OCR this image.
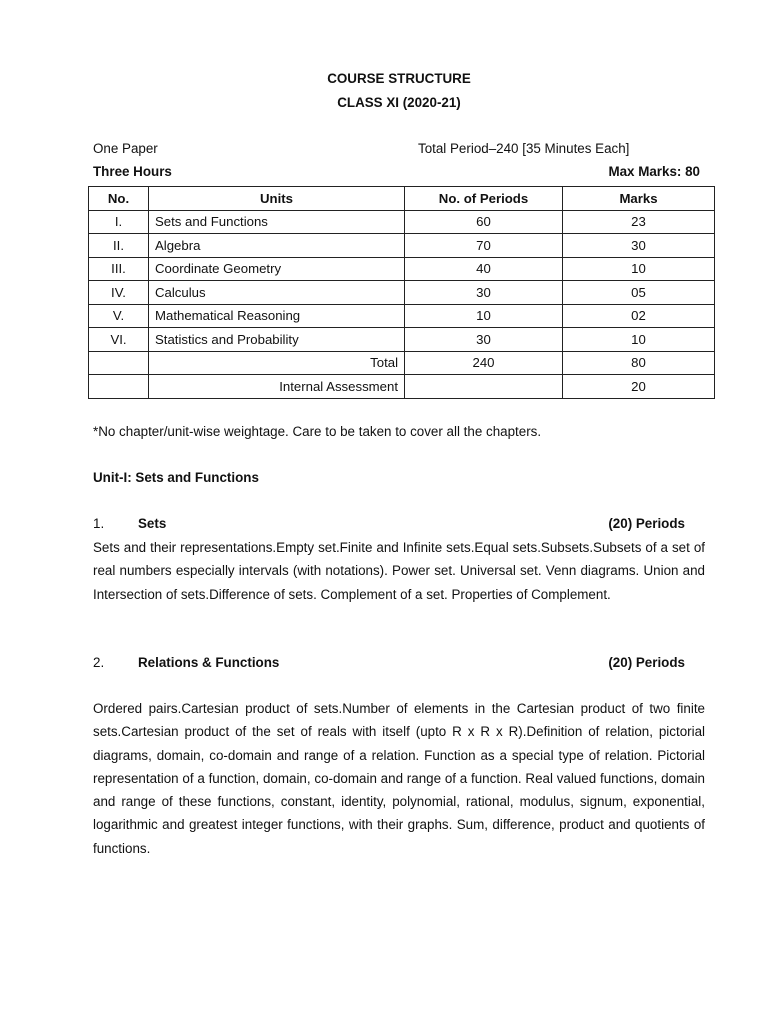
COURSE STRUCTURE
CLASS XI (2020-21)
One Paper	Total Period–240 [35 Minutes Each]
Three Hours	Max Marks: 80
No.	Units	No. of Periods	Marks
I.	Sets and Functions	60	23
II.	Algebra	70	30
III.	Coordinate Geometry	40	10
IV.	Calculus	30	05
V.	Mathematical Reasoning	10	02
VI.	Statistics and Probability	30	10
	Total	240	80
	Internal Assessment		20
*No chapter/unit-wise weightage. Care to be taken to cover all the chapters.
Unit-I: Sets and Functions
1.	Sets	(20) Periods
Sets and their representations.Empty set.Finite and Infinite sets.Equal sets.Subsets.Subsets of a set of real numbers especially intervals (with notations). Power set. Universal set. Venn diagrams. Union and Intersection of sets.Difference of sets. Complement of a set. Properties of Complement.
2.	Relations & Functions	(20) Periods
Ordered pairs.Cartesian product of sets.Number of elements in the Cartesian product of two finite sets.Cartesian product of the set of reals with itself (upto R x R x R).Definition of relation, pictorial diagrams, domain, co-domain and range of a relation. Function as a special type of relation. Pictorial representation of a function, domain, co-domain and range of a function. Real valued functions, domain and range of these functions, constant, identity, polynomial, rational, modulus, signum, exponential, logarithmic and greatest integer functions, with their graphs. Sum, difference, product and quotients of functions.
